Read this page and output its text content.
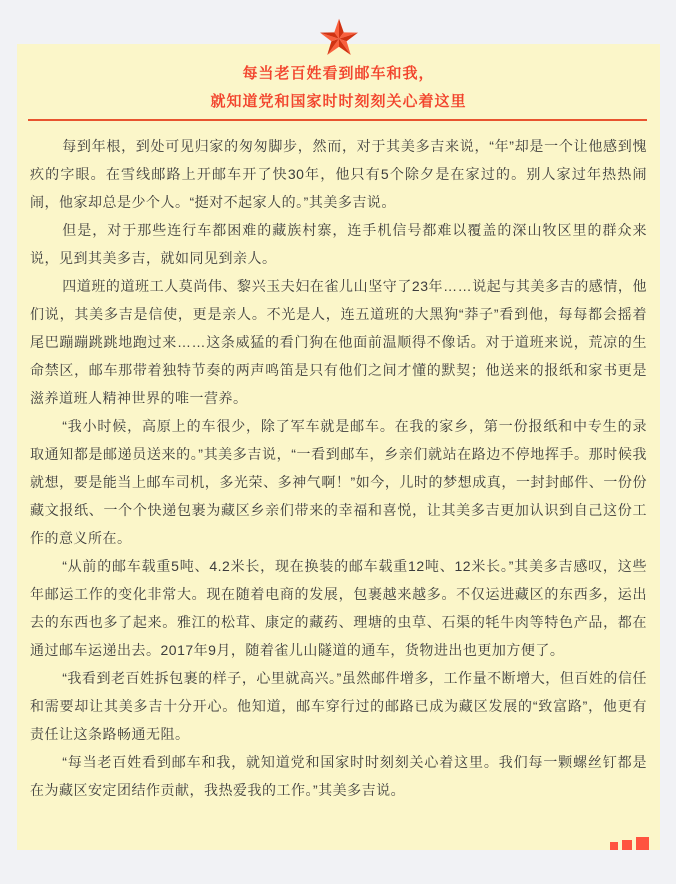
每当老百姓看到邮车和我，
就知道党和国家时时刻刻关心着这里

每到年根，到处可见归家的匆匆脚步，然而，对于其美多吉来说，“年”却是一个让他感到愧疚的字眼。在雪线邮路上开邮车开了快30年，他只有5个除夕是在家过的。别人家过年热热闹闹，他家却总是少个人。“挺对不起家人的。”其美多吉说。

但是，对于那些连行车都困难的藏族村寨，连手机信号都难以覆盖的深山牧区里的群众来说，见到其美多吉，就如同见到亲人。

四道班的道班工人莫尚伟、黎兴玉夫妇在雀儿山坚守了23年……说起与其美多吉的感情，他们说，其美多吉是信使，更是亲人。不光是人，连五道班的大黑狗“莽子”看到他，每每都会摇着尾巴蹦蹦跳跳地跑过来……这条威猛的看门狗在他面前温顺得不像话。对于道班来说，荒凉的生命禁区，邮车那带着独特节奏的两声鸣笛是只有他们之间才懂的默契；他送来的报纸和家书更是滋养道班人精神世界的唯一营养。

“我小时候，高原上的车很少，除了军车就是邮车。在我的家乡，第一份报纸和中专生的录取通知都是邮递员送来的。”其美多吉说，“一看到邮车，乡亲们就站在路边不停地挥手。那时候我就想，要是能当上邮车司机，多光荣、多神气啊！”如今，儿时的梦想成真，一封封邮件、一份份藏文报纸、一个个快递包裹为藏区乡亲们带来的幸福和喜悦，让其美多吉更加认识到自己这份工作的意义所在。

“从前的邮车载重5吨、4.2米长，现在换装的邮车载重12吨、12米长。”其美多吉感叹，这些年邮运工作的变化非常大。现在随着电商的发展，包裹越来越多。不仅运进藏区的东西多，运出去的东西也多了起来。雅江的松茸、康定的藏药、理塘的虫草、石渠的牦牛肉等特色产品，都在通过邮车运递出去。2017年9月，随着雀儿山隧道的通车，货物进出也更加方便了。

“我看到老百姓拆包裹的样子，心里就高兴。”虽然邮件增多，工作量不断增大，但百姓的信任和需要却让其美多吉十分开心。他知道，邮车穿行过的邮路已成为藏区发展的“致富路”，他更有责任让这条路畅通无阻。

“每当老百姓看到邮车和我，就知道党和国家时时刻刻关心着这里。我们每一颗螺丝钉都是在为藏区安定团结作贡献，我热爱我的工作。”其美多吉说。
